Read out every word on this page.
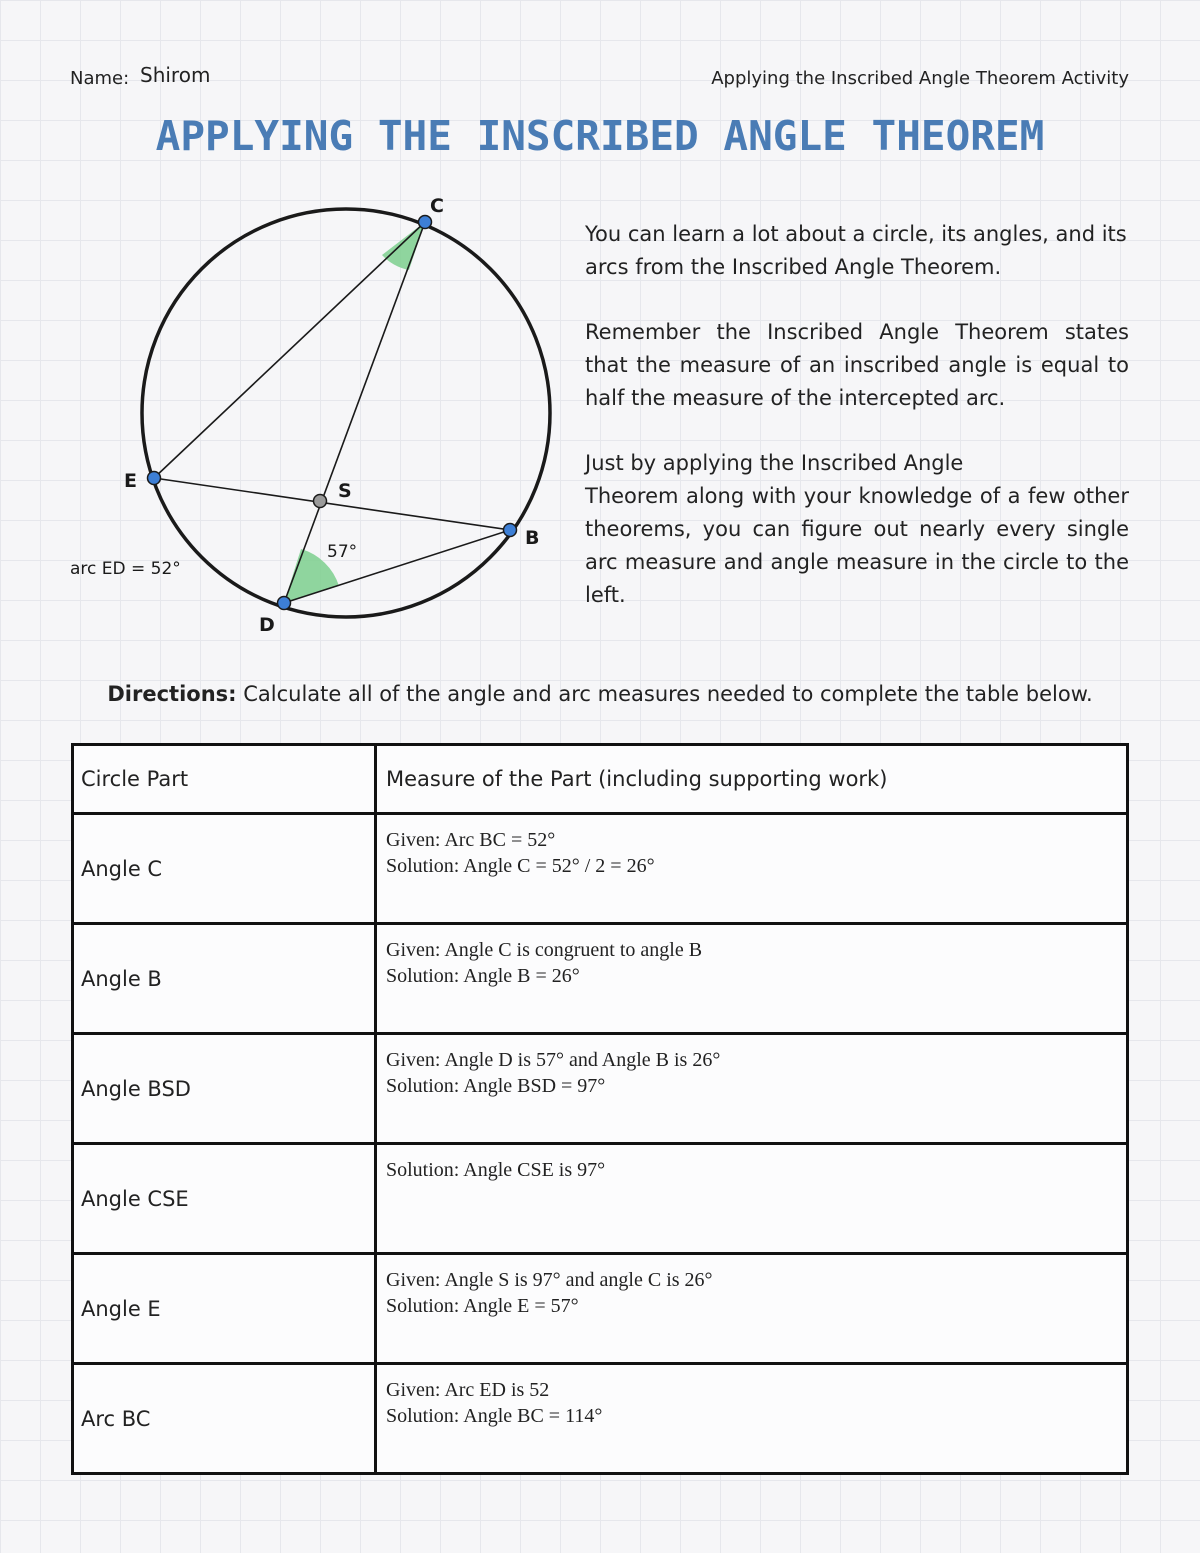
Name: Shirom	Applying the Inscribed Angle Theorem Activity
APPLYING THE INSCRIBED ANGLE THEOREM
C
E	S
B
D
57°
arc ED = 52°

You can learn a lot about a circle, its angles, and its arcs from the Inscribed Angle Theorem.

Remember the Inscribed Angle Theorem states that the measure of an inscribed angle is equal to half the measure of the intercepted arc.

Just by applying the Inscribed Angle
Theorem along with your knowledge of a few other theorems, you can figure out nearly every single arc measure and angle measure in the circle to the left.

Directions: Calculate all of the angle and arc measures needed to complete the table below.
Circle Part	Measure of the Part (including supporting work)
Angle C	Given: Arc BC = 52°
Solution: Angle C = 52° / 2 = 26°

Angle B	Given: Angle C is congruent to angle B
Solution: Angle B = 26°

Angle BSD	Given: Angle D is 57° and Angle B is 26°
Solution: Angle BSD = 97°

Angle CSE	Solution: Angle CSE is 97°

Angle E	Given: Angle S is 97° and angle C is 26°
Solution: Angle E = 57°

Arc BC	Given: Arc ED is 52
Solution: Angle BC = 114°
